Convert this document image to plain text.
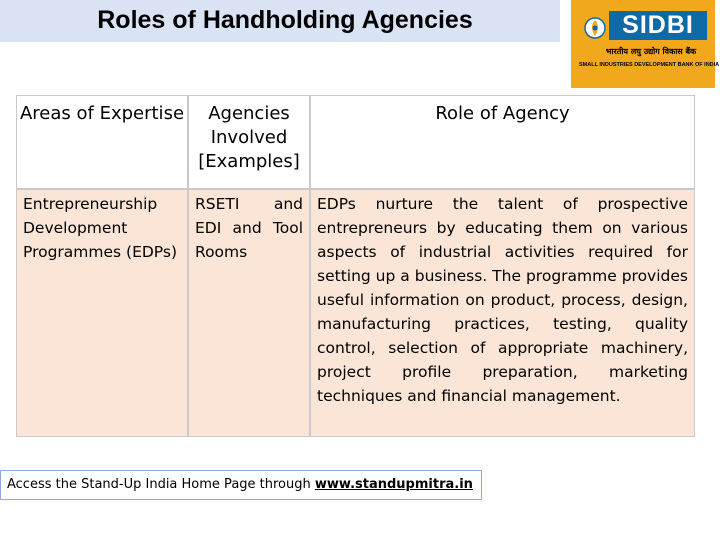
Roles of Handholding Agencies	SIDBI
भारतीय लघु उद्योग विकास बैंक
SMALL INDUSTRIES DEVELOPMENT BANK OF INDIA
Areas of Expertise	Agencies Involved [Examples]
Role of Agency
Entrepreneurship Development Programmes (EDPs)
RSETI and EDI and Tool Rooms
EDPs nurture the talent of prospective entrepreneurs by educating them on various aspects of industrial activities required for setting up a business. The programme provides useful information on product, process, design, manufacturing practices, testing, quality control, selection of appropriate machinery, project profile preparation, marketing techniques and financial management.
Access the Stand-Up India Home Page through www.standupmitra.in
